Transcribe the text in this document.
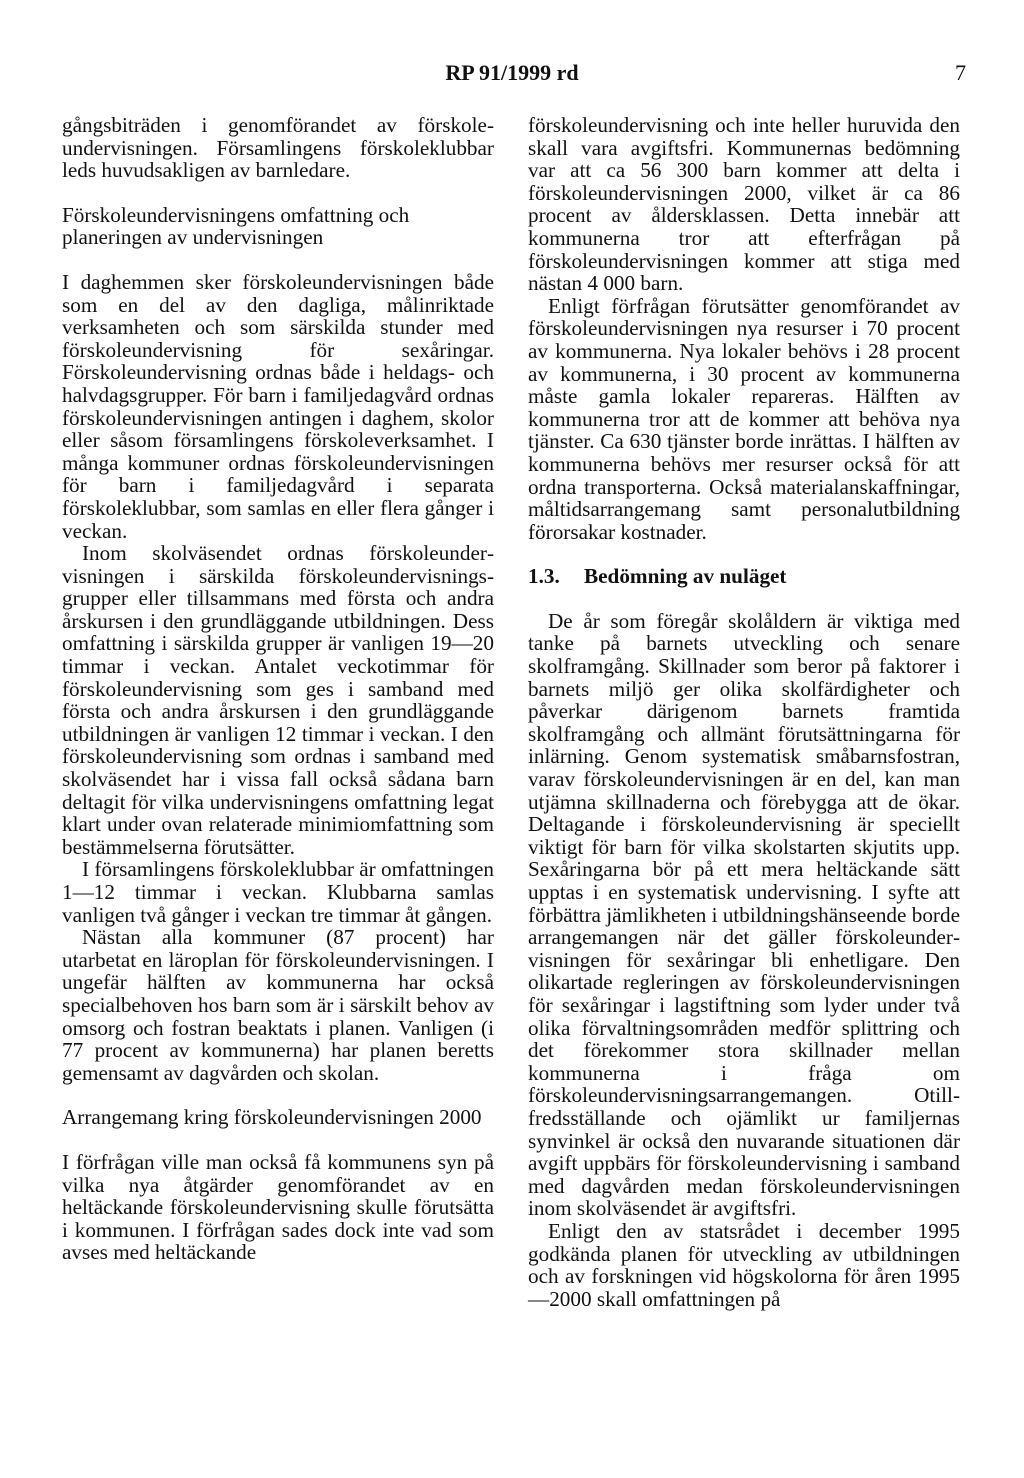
RP 91/1999 rd	7

gångsbiträden i genomförandet av förskoleundervisningen. Församlingens förskoleklubbar leds huvudsakligen av barnledare.

Förskoleundervisningens omfattning och planeringen av undervisningen

I daghemmen sker förskoleundervisningen både som en del av den dagliga, målinriktade verksamheten och som särskilda stunder med förskoleundervisning för sexåringar. Förskoleundervisning ordnas både i heldags- och halvdagsgrupper. För barn i familjedagvård ordnas förskoleundervisningen antingen i daghem, skolor eller såsom församlingens förskoleverksamhet. I många kommuner ordnas förskoleundervisningen för barn i familjedagvård i separata förskoleklubbar, som samlas en eller flera gånger i veckan.

Inom skolväsendet ordnas förskoleundervisningen i särskilda förskoleundervisningsgrupper eller tillsammans med första och andra årskursen i den grundläggande utbildningen. Dess omfattning i särskilda grupper är vanligen 19—20 timmar i veckan. Antalet veckotimmar för förskoleundervisning som ges i samband med första och andra årskursen i den grundläggande utbildningen är vanligen 12 timmar i veckan. I den förskoleundervisning som ordnas i samband med skolväsendet har i vissa fall också sådana barn deltagit för vilka undervisningens omfattning legat klart under ovan relaterade minimiomfattning som bestämmelserna förutsätter.

I församlingens förskoleklubbar är omfattningen 1—12 timmar i veckan. Klubbarna samlas vanligen två gånger i veckan tre timmar åt gången.

Nästan alla kommuner (87 procent) har utarbetat en läroplan för förskoleundervisningen. I ungefär hälften av kommunerna har också specialbehoven hos barn som är i särskilt behov av omsorg och fostran beaktats i planen. Vanligen (i 77 procent av kommunerna) har planen beretts gemensamt av dagvården och skolan.

Arrangemang kring förskoleundervisningen 2000

I förfrågan ville man också få kommunens syn på vilka nya åtgärder genomförandet av en heltäckande förskoleundervisning skulle förutsätta i kommunen. I förfrågan sades dock inte vad som avses med heltäckande

förskoleundervisning och inte heller huruvida den skall vara avgiftsfri. Kommunernas bedömning var att ca 56 300 barn kommer att delta i förskoleundervisningen 2000, vilket är ca 86 procent av åldersklassen. Detta innebär att kommunerna tror att efterfrågan på förskoleundervisningen kommer att stiga med nästan 4 000 barn.

Enligt förfrågan förutsätter genomförandet av förskoleundervisningen nya resurser i 70 procent av kommunerna. Nya lokaler behövs i 28 procent av kommunerna, i 30 procent av kommunerna måste gamla lokaler repareras. Hälften av kommunerna tror att de kommer att behöva nya tjänster. Ca 630 tjänster borde inrättas. I hälften av kommunerna behövs mer resurser också för att ordna transporterna. Också materialanskaffningar, måltidsarrangemang samt personalutbildning förorsakar kostnader.

1.3.	Bedömning av nuläget

De år som föregår skolåldern är viktiga med tanke på barnets utveckling och senare skolframgång. Skillnader som beror på faktorer i barnets miljö ger olika skolfärdigheter och påverkar därigenom barnets framtida skolframgång och allmänt förutsättningarna för inlärning. Genom systematisk småbarnsfostran, varav förskoleundervisningen är en del, kan man utjämna skillnaderna och förebygga att de ökar. Deltagande i förskoleundervisning är speciellt viktigt för barn för vilka skolstarten skjutits upp. Sexåringarna bör på ett mera heltäckande sätt upptas i en systematisk undervisning. I syfte att förbättra jämlikheten i utbildningshänseende borde arrangemangen när det gäller förskoleundervisningen för sexåringar bli enhetligare. Den olikartade regleringen av förskoleundervisningen för sexåringar i lagstiftning som lyder under två olika förvaltningsområden medför splittring och det förekommer stora skillnader mellan kommunerna i fråga om förskoleundervisningsarrangemangen. Otillfredsställande och ojämlikt ur familjernas synvinkel är också den nuvarande situationen där avgift uppbärs för förskoleundervisning i samband med dagvården medan förskoleundervisningen inom skolväsendet är avgiftsfri.

Enligt den av statsrådet i december 1995 godkända planen för utveckling av utbildningen och av forskningen vid högskolorna för åren 1995—2000 skall omfattningen på
